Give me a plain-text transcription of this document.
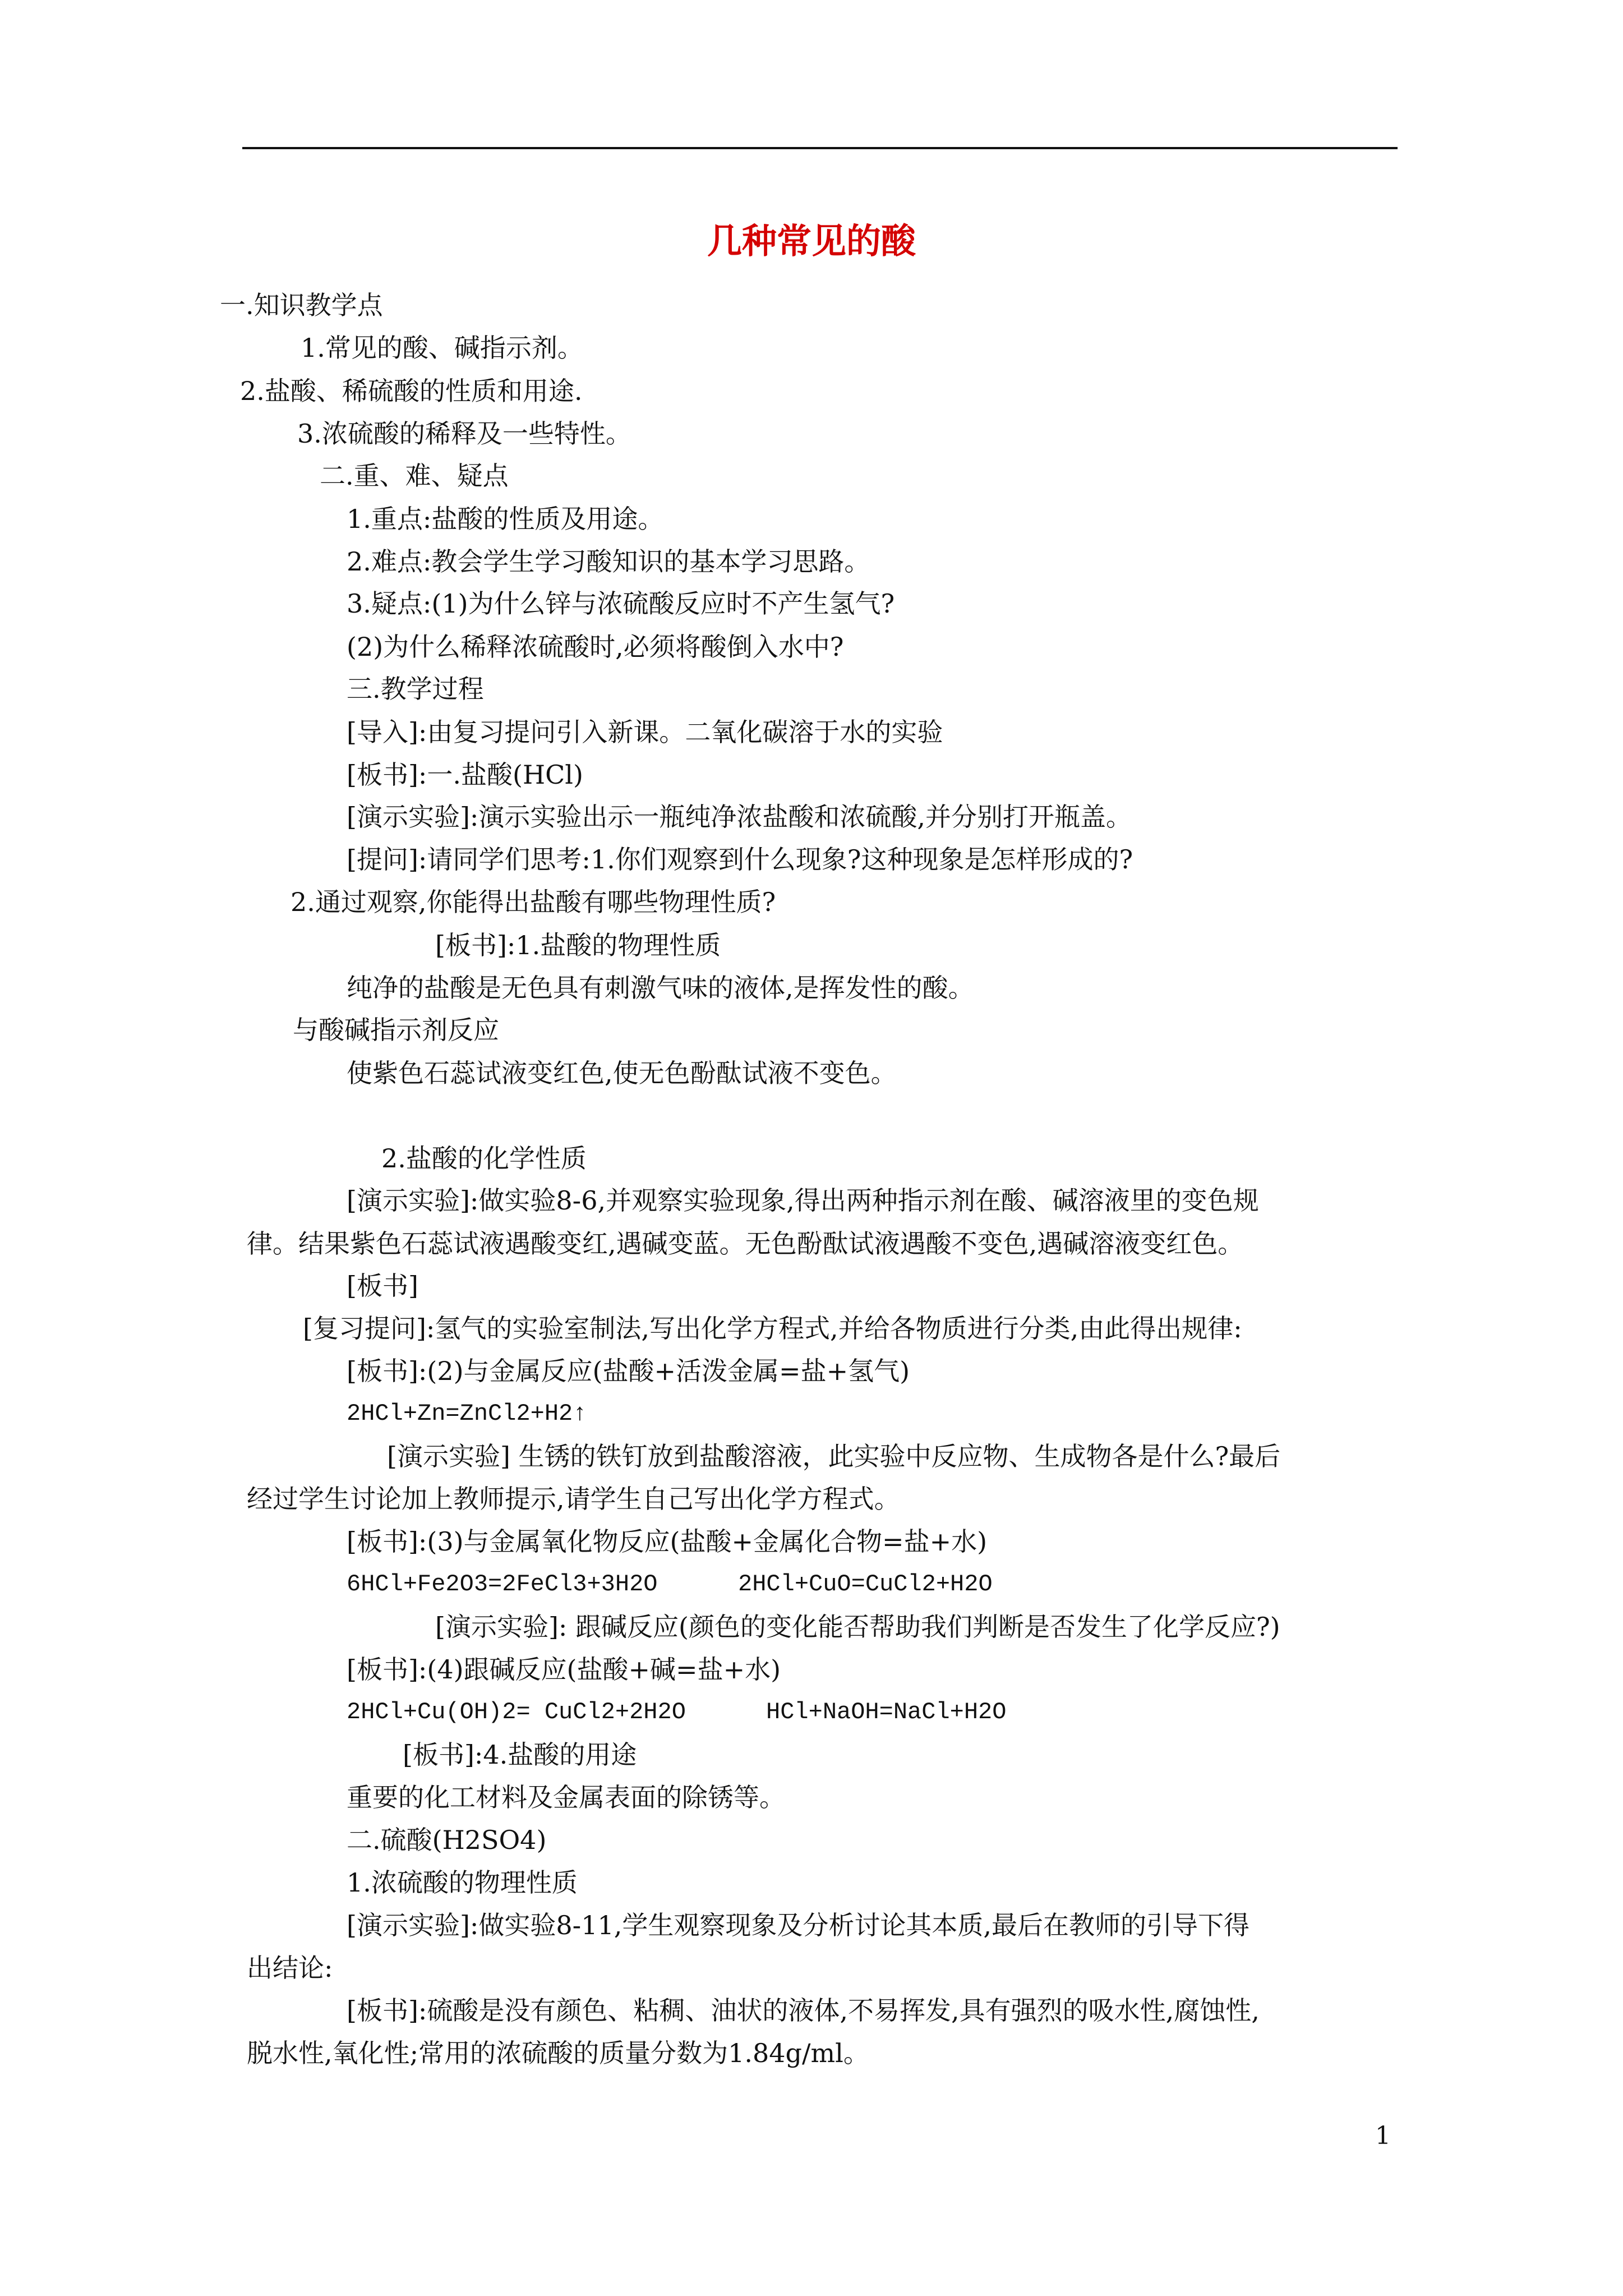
几种常见的酸
一.知识教学点
1.常见的酸、碱指示剂。
2.盐酸、稀硫酸的性质和用途.
3.浓硫酸的稀释及一些特性。
二.重、难、疑点
1.重点:盐酸的性质及用途。
2.难点:教会学生学习酸知识的基本学习思路。
3.疑点:(1)为什么锌与浓硫酸反应时不产生氢气?
(2)为什么稀释浓硫酸时,必须将酸倒入水中?
三.教学过程
[导入]:由复习提问引入新课。二氧化碳溶于水的实验
[板书]:一.盐酸(HCl)
[演示实验]:演示实验出示一瓶纯净浓盐酸和浓硫酸,并分别打开瓶盖。
[提问]:请同学们思考:1.你们观察到什么现象?这种现象是怎样形成的?
2.通过观察,你能得出盐酸有哪些物理性质?
[板书]:1.盐酸的物理性质
纯净的盐酸是无色具有刺激气味的液体,是挥发性的酸。
与酸碱指示剂反应
使紫色石蕊试液变红色,使无色酚酞试液不变色。
2.盐酸的化学性质
[演示实验]:做实验8-6,并观察实验现象,得出两种指示剂在酸、碱溶液里的变色规
律。结果紫色石蕊试液遇酸变红,遇碱变蓝。无色酚酞试液遇酸不变色,遇碱溶液变红色。
[板书]
[复习提问]:氢气的实验室制法,写出化学方程式,并给各物质进行分类,由此得出规律:
[板书]:(2)与金属反应(盐酸+活泼金属=盐+氢气)
2HCl+Zn=ZnCl2+H2↑
[演示实验] 生锈的铁钉放到盐酸溶液，此实验中反应物、生成物各是什么?最后
经过学生讨论加上教师提示,请学生自己写出化学方程式。
[板书]:(3)与金属氧化物反应(盐酸+金属化合物=盐+水)
6HCl+Fe2O3=2FeCl3+3H2O	2HCl+CuO=CuCl2+H2O
[演示实验]: 跟碱反应(颜色的变化能否帮助我们判断是否发生了化学反应?)
[板书]:(4)跟碱反应(盐酸+碱=盐+水)
2HCl+Cu(OH)2= CuCl2+2H2O	HCl+NaOH=NaCl+H2O
[板书]:4.盐酸的用途
重要的化工材料及金属表面的除锈等。
二.硫酸(H2SO4)
1.浓硫酸的物理性质
[演示实验]:做实验8-11,学生观察现象及分析讨论其本质,最后在教师的引导下得
出结论:
[板书]:硫酸是没有颜色、粘稠、油状的液体,不易挥发,具有强烈的吸水性,腐蚀性,
脱水性,氧化性;常用的浓硫酸的质量分数为1.84g/ml。
1
